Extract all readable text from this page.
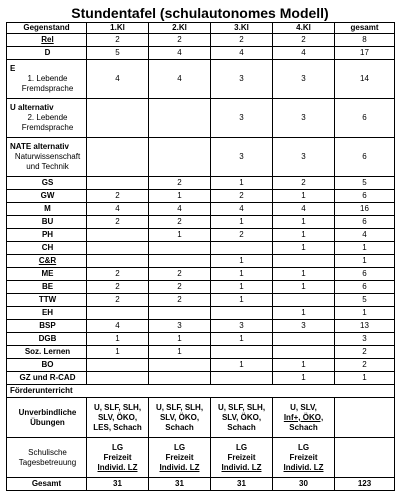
Stundentafel (schulautonomes Modell)
Gegenstand	1.Kl	2.Kl	3.Kl	4.Kl	gesamt

Rel	2	2	2	2	8

D	5	4	4	4	17

E
1. Lebende
Fremdsprache	4	4	3	3	14

U alternativ
2. Lebende
Fremdsprache			3	3	6

NATE alternativ
Naturwissenschaft
und Technik			3	3	6

GS		2	1	2	5

GW	2	1	2	1	6

M	4	4	4	4	16

BU	2	2	1	1	6

PH		1	2	1	4

CH				1	1

C&R			1		1

ME	2	2	1	1	6

BE	2	2	1	1	6

TTW	2	2	1		5

EH				1	1

BSP	4	3	3	3	13

DGB	1	1	1		3

Soz. Lernen	1	1			2

BO			1	1	2

GZ und R-CAD				1	1
Förderunterricht					

Unverbindliche
Übungen	U, SLF, SLH,
SLV, ÖKO,
LES, Schach	U, SLF, SLH,
SLV, ÖKO,
Schach	U, SLF, SLH,
SLV, ÖKO,
Schach	U, SLV,
Inf+, ÖKO,
Schach	

Schulische
Tagesbetreuung	LG
Freizeit
Individ. LZ	LG
Freizeit
Individ. LZ	LG
Freizeit
Individ. LZ	LG
Freizeit
Individ. LZ	

Gesamt	31	31	31	30	123
